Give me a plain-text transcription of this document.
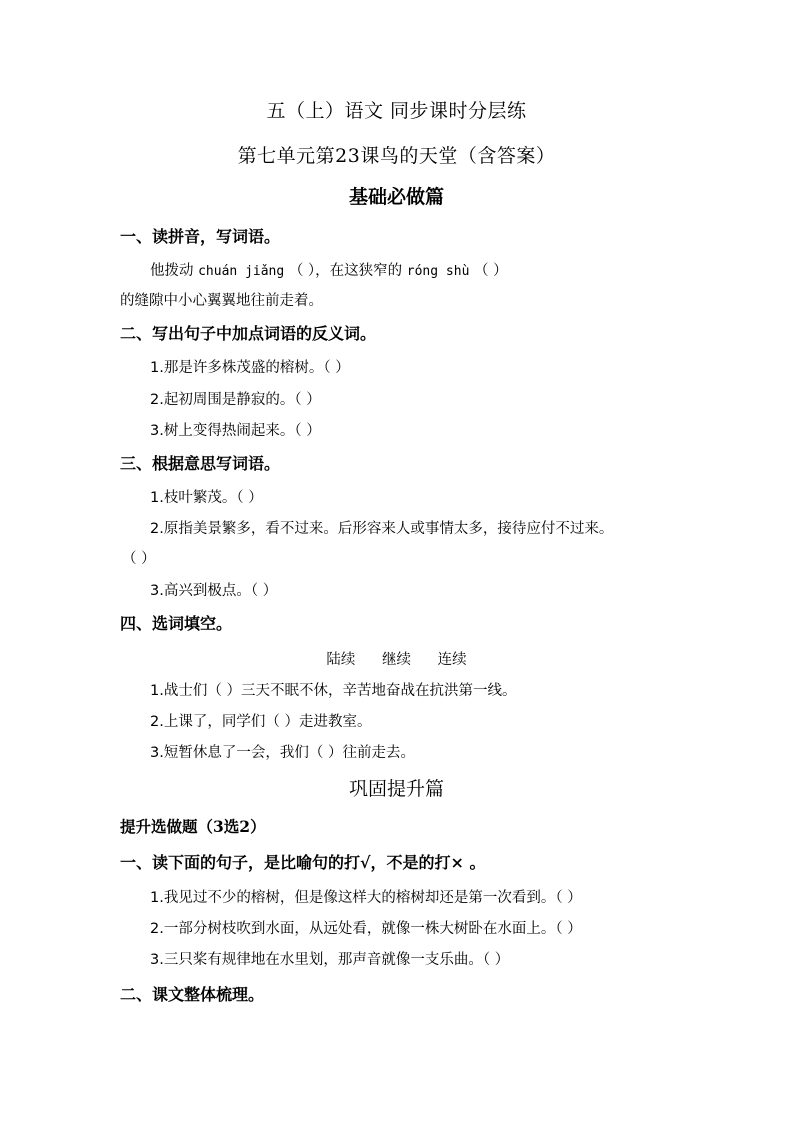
五（上）语文 同步课时分层练
第七单元第23课鸟的天堂（含答案）
基础必做篇
一、读拼音，写词语。
他拨动 chuán jiǎng （ ），在这狭窄的 róng shù （ ）
的缝隙中小心翼翼地往前走着。
二、写出句子中加点词语的反义词。
1.那是许多株茂盛的榕树。（ ）
2.起初周围是静寂的。（ ）
3.树上变得热闹起来。（ ）
三、根据意思写词语。
1.枝叶繁茂。（ ）
2.原指美景繁多，看不过来。后形容来人或事情太多，接待应付不过来。
（ ）
3.高兴到极点。（ ）
四、选词填空。
陆续 继续 连续
1.战士们（ ）三天不眠不休，辛苦地奋战在抗洪第一线。
2.上课了，同学们（ ）走进教室。
3.短暂休息了一会，我们（ ）往前走去。
巩固提升篇
提升选做题（3选2）
一、读下面的句子，是比喻句的打√，不是的打× 。
1.我见过不少的榕树，但是像这样大的榕树却还是第一次看到。（ ）
2.一部分树枝吹到水面，从远处看，就像一株大树卧在水面上。（ ）
3.三只桨有规律地在水里划，那声音就像一支乐曲。（ ）
二、课文整体梳理。
